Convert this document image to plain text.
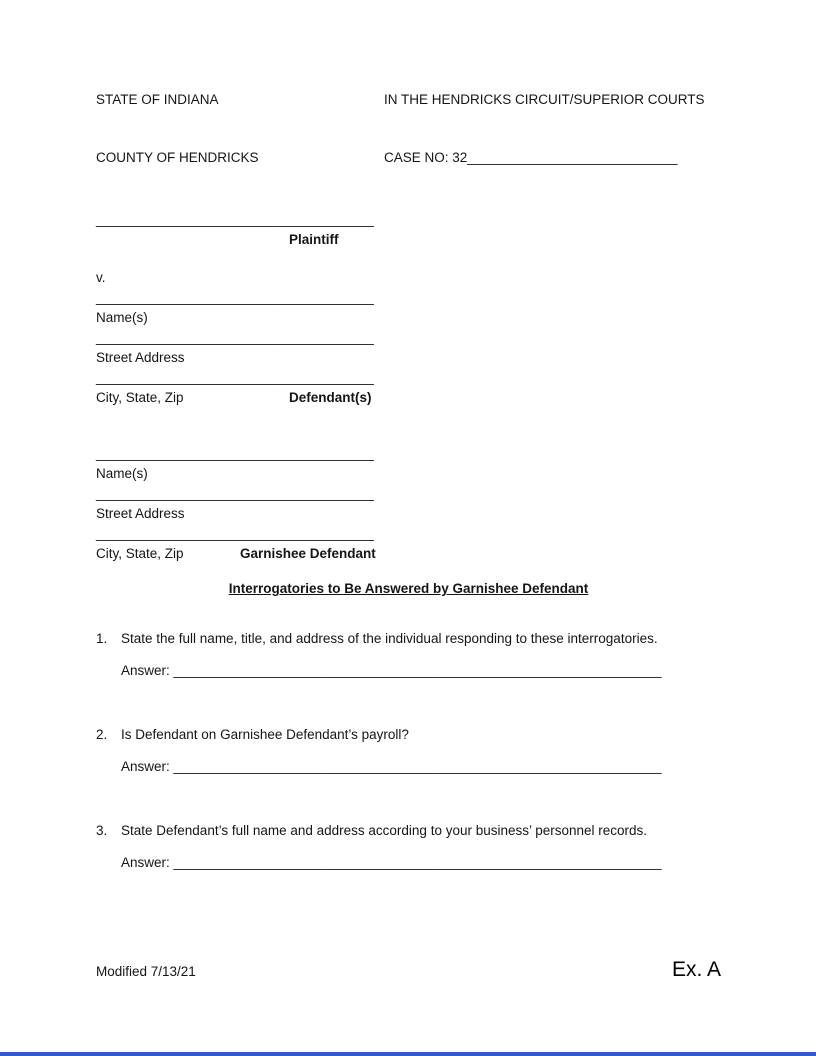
STATE OF INDIANA	IN THE HENDRICKS CIRCUIT/SUPERIOR COURTS
COUNTY OF HENDRICKS	CASE NO: 32____________________________
_____________________________________
Plaintiff
v.
_____________________________________
Name(s)
_____________________________________
Street Address
_____________________________________
City, State, Zip	Defendant(s)
_____________________________________
Name(s)
_____________________________________
Street Address
_____________________________________
City, State, Zip	Garnishee Defendant
Interrogatories to Be Answered by Garnishee Defendant
1.	State the full name, title, and address of the individual responding to these interrogatories.
Answer: _________________________________________________________________
2.	Is Defendant on Garnishee Defendant’s payroll?
Answer: _________________________________________________________________
3.	State Defendant’s full name and address according to your business’ personnel records.
Answer: _________________________________________________________________
Modified 7/13/21	Ex. A
